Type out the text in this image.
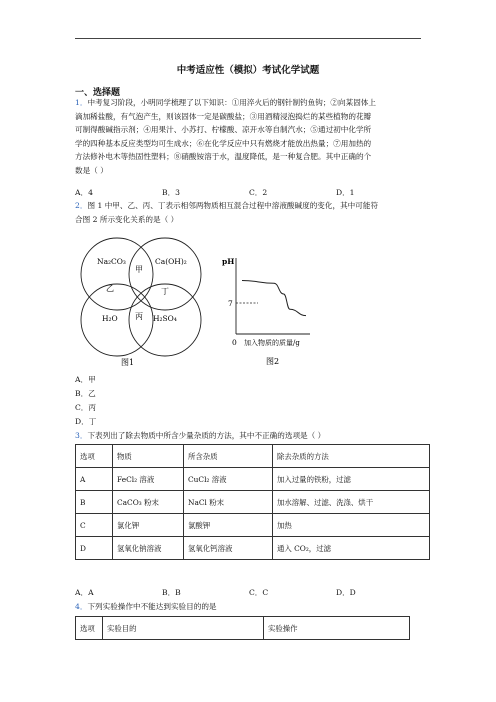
中考适应性（模拟）考试化学试题
一、选择题
1．中考复习阶段，小明同学梳理了以下知识：①用淬火后的钢针制钓鱼钩；②向某固体上
滴加稀盐酸，有气泡产生，则该固体一定是碳酸盐；③用酒精浸泡捣烂的某些植物的花瓣
可制得酸碱指示剂；④用果汁、小苏打、柠檬酸、凉开水等自制汽水；⑤通过初中化学所
学的四种基本反应类型均可生成水；⑥在化学反应中只有燃烧才能放出热量；⑦用加热的
方法修补电木等热固性塑料；⑧硝酸铵溶于水，温度降低，是一种复合肥。其中正确的个
数是（ ）
A．4	B．3	C．2	D．1
2．图 1 中甲、乙、丙、丁表示相邻两物质相互混合过程中溶液酸碱度的变化，其中可能符
合图 2 所示变化关系的是（ ）
Na₂CO₃	Ca(OH)₂
H₂O	H₂SO₄
甲
乙
丙
丁
图1
pH
7
0 加入物质的质量/g
图2
A．甲
B．乙
C．丙
D．丁
3．下表列出了除去物质中所含少量杂质的方法，其中不正确的选项是（ ）
选项	物质	所含杂质	除去杂质的方法
A	FeCl₂ 溶液	CuCl₂ 溶液	加入过量的铁粉，过滤
B	CaCO₃ 粉末	NaCl 粉末	加水溶解、过滤、洗涤、烘干
C	氯化钾	氯酸钾	加热
D	氢氧化钠溶液	氢氧化钙溶液	通入 CO₂，过滤
A．A	B．B	C．C	D．D
4．下列实验操作中不能达到实验目的的是
选项	实验目的	实验操作
